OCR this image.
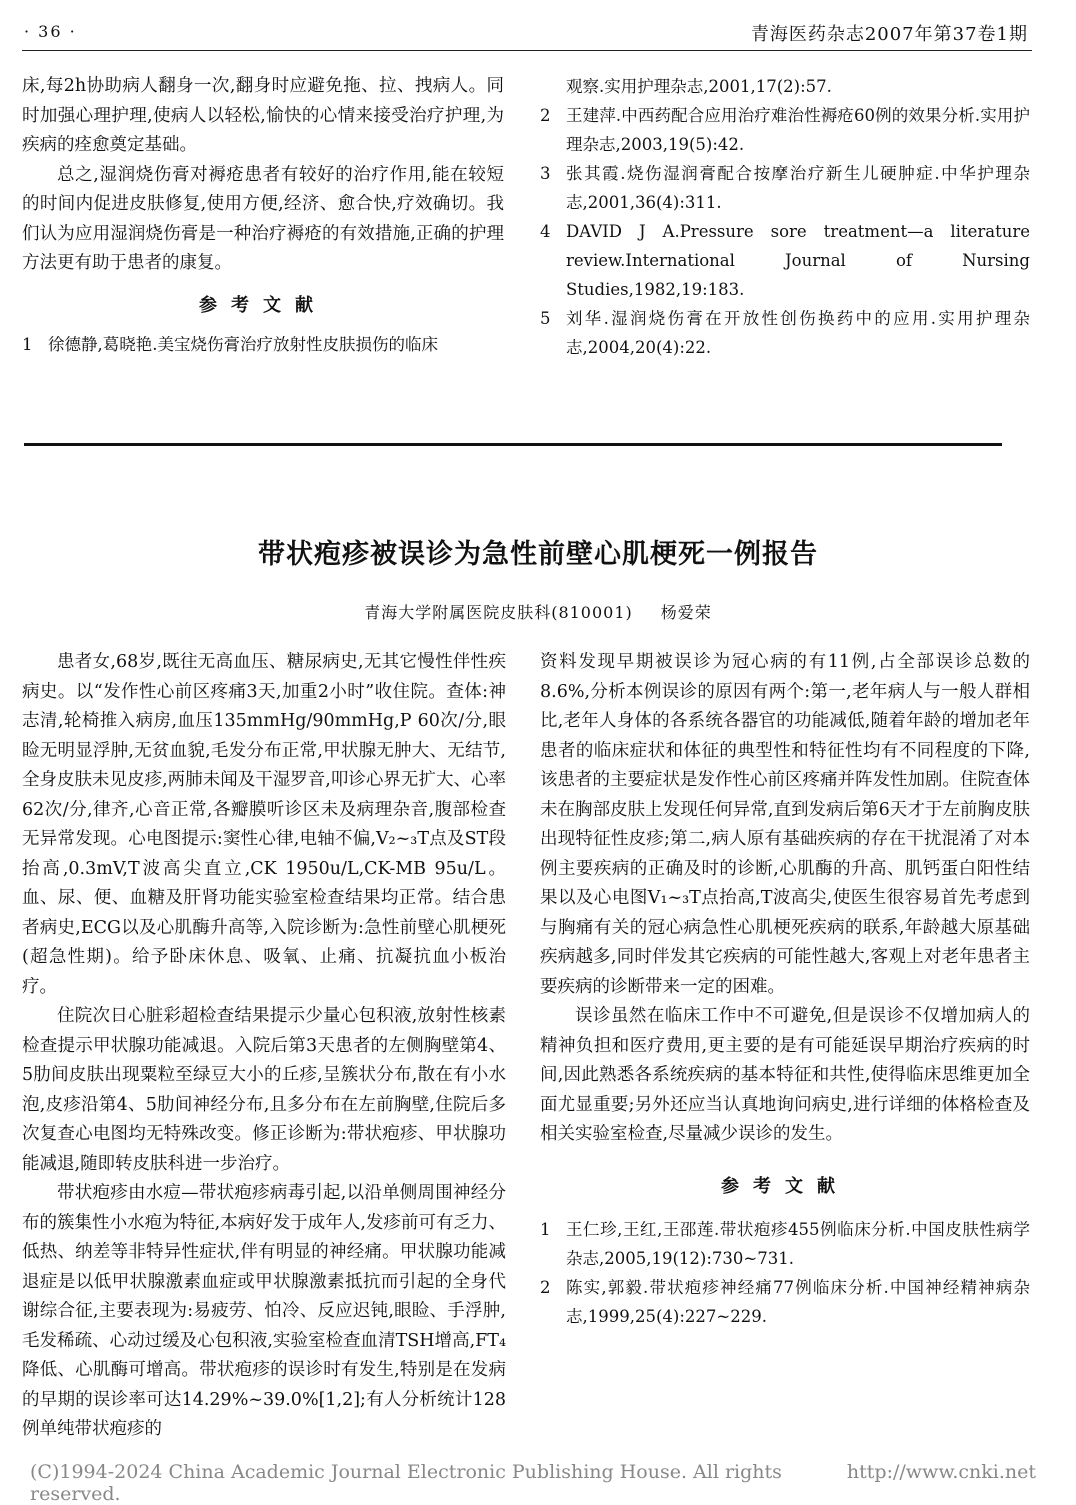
· 36 ·	青海医药杂志2007年第37卷1期

床,每2h协助病人翻身一次,翻身时应避免拖、拉、拽病人。同时加强心理护理,使病人以轻松,愉快的心情来接受治疗护理,为疾病的痊愈奠定基础。

总之,湿润烧伤膏对褥疮患者有较好的治疗作用,能在较短的时间内促进皮肤修复,使用方便,经济、愈合快,疗效确切。我们认为应用湿润烧伤膏是一种治疗褥疮的有效措施,正确的护理方法更有助于患者的康复。

参考文献
1 徐德静,葛晓艳.美宝烧伤膏治疗放射性皮肤损伤的临床
观察.实用护理杂志,2001,17(2):57.
2 王建萍.中西药配合应用治疗难治性褥疮60例的效果分析.实用护理杂志,2003,19(5):42.
3 张其霞.烧伤湿润膏配合按摩治疗新生儿硬肿症.中华护理杂志,2001,36(4):311.
4 DAVID J A.Pressure sore treatment—a literature review.International Journal of Nursing Studies,1982,19:183.
5 刘华.湿润烧伤膏在开放性创伤换药中的应用.实用护理杂志,2004,20(4):22.
带状疱疹被误诊为急性前壁心肌梗死一例报告
青海大学附属医院皮肤科(810001) 杨爱荣

患者女,68岁,既往无高血压、糖尿病史,无其它慢性伴性疾病史。以“发作性心前区疼痛3天,加重2小时”收住院。查体:神志清,轮椅推入病房,血压135mmHg/90mmHg,P 60次/分,眼睑无明显浮肿,无贫血貌,毛发分布正常,甲状腺无肿大、无结节,全身皮肤未见皮疹,两肺未闻及干湿罗音,叩诊心界无扩大、心率62次/分,律齐,心音正常,各瓣膜听诊区未及病理杂音,腹部检查无异常发现。心电图提示:窦性心律,电轴不偏,V₂~₃T点及ST段抬高,0.3mV,T波高尖直立,CK 1950u/L,CK-MB 95u/L。血、尿、便、血糖及肝肾功能实验室检查结果均正常。结合患者病史,ECG以及心肌酶升高等,入院诊断为:急性前壁心肌梗死(超急性期)。给予卧床休息、吸氧、止痛、抗凝抗血小板治疗。

住院次日心脏彩超检查结果提示少量心包积液,放射性核素检查提示甲状腺功能减退。入院后第3天患者的左侧胸壁第4、5肋间皮肤出现粟粒至绿豆大小的丘疹,呈簇状分布,散在有小水泡,皮疹沿第4、5肋间神经分布,且多分布在左前胸壁,住院后多次复查心电图均无特殊改变。修正诊断为:带状疱疹、甲状腺功能减退,随即转皮肤科进一步治疗。

带状疱疹由水痘—带状疱疹病毒引起,以沿单侧周围神经分布的簇集性小水疱为特征,本病好发于成年人,发疹前可有乏力、低热、纳差等非特异性症状,伴有明显的神经痛。甲状腺功能减退症是以低甲状腺激素血症或甲状腺激素抵抗而引起的全身代谢综合征,主要表现为:易疲劳、怕冷、反应迟钝,眼睑、手浮肿,毛发稀疏、心动过缓及心包积液,实验室检查血清TSH增高,FT₄降低、心肌酶可增高。带状疱疹的误诊时有发生,特别是在发病的早期的误诊率可达14.29%~39.0%[1,2];有人分析统计128例单纯带状疱疹的

资料发现早期被误诊为冠心病的有11例,占全部误诊总数的8.6%,分析本例误诊的原因有两个:第一,老年病人与一般人群相比,老年人身体的各系统各器官的功能减低,随着年龄的增加老年患者的临床症状和体征的典型性和特征性均有不同程度的下降,该患者的主要症状是发作性心前区疼痛并阵发性加剧。住院查体未在胸部皮肤上发现任何异常,直到发病后第6天才于左前胸皮肤出现特征性皮疹;第二,病人原有基础疾病的存在干扰混淆了对本例主要疾病的正确及时的诊断,心肌酶的升高、肌钙蛋白阳性结果以及心电图V₁~₃T点抬高,T波高尖,使医生很容易首先考虑到与胸痛有关的冠心病急性心肌梗死疾病的联系,年龄越大原基础疾病越多,同时伴发其它疾病的可能性越大,客观上对老年患者主要疾病的诊断带来一定的困难。

误诊虽然在临床工作中不可避免,但是误诊不仅增加病人的精神负担和医疗费用,更主要的是有可能延误早期治疗疾病的时间,因此熟悉各系统疾病的基本特征和共性,使得临床思维更加全面尤显重要;另外还应当认真地询问病史,进行详细的体格检查及相关实验室检查,尽量减少误诊的发生。

参考文献
1 王仁珍,王红,王邵莲.带状疱疹455例临床分析.中国皮肤性病学杂志,2005,19(12):730~731.
2 陈实,郭毅.带状疱疹神经痛77例临床分析.中国神经精神病杂志,1999,25(4):227~229.
(C)1994-2024 China Academic Journal Electronic Publishing House. All rights reserved.
http://www.cnki.net
